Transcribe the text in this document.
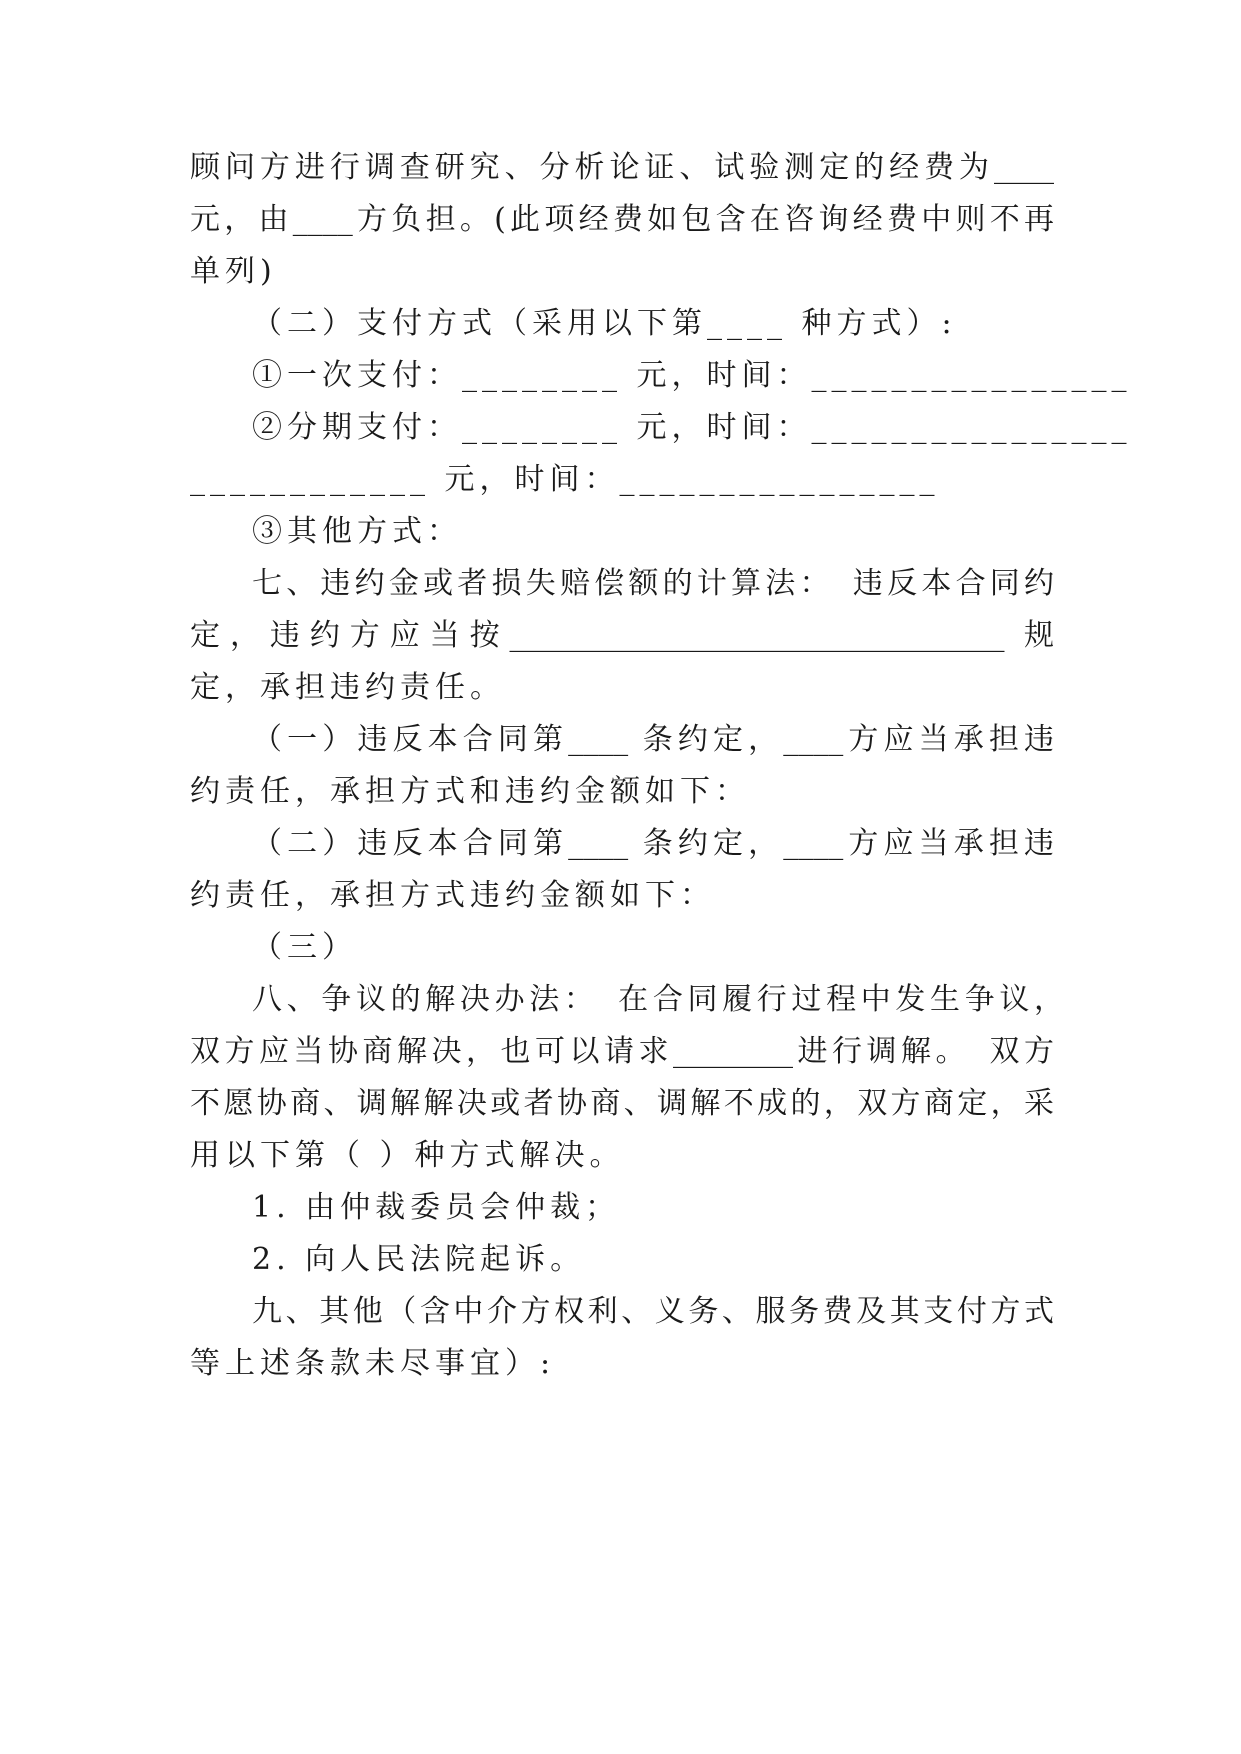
顾问方进行调查研究、分析论证、试验测定的经费为____
元，由____方负担。(此项经费如包含在咨询经费中则不再
单列)
（二）支付方式（采用以下第____ 种方式）:
①一次支付：________ 元，时间：________________
②分期支付：________ 元，时间：________________
____________ 元，时间：________________
③其他方式：
七、违约金或者损失赔偿额的计算法：　违反本合同约
定，违约方应当按_________________________________ 规
定，承担违约责任。
（一）违反本合同第____ 条约定，____方应当承担违
约责任，承担方式和违约金额如下：
（二）违反本合同第____ 条约定，____方应当承担违
约责任，承担方式违约金额如下：
（三）
八、争议的解决办法：　在合同履行过程中发生争议，
双方应当协商解决，也可以请求________进行调解。　双方
不愿协商、调解解决或者协商、调解不成的，双方商定，采
用以下第（ ）种方式解决。
1. 由仲裁委员会仲裁；
2. 向人民法院起诉。
九、其他（含中介方权利、义务、服务费及其支付方式
等上述条款未尽事宜）:
